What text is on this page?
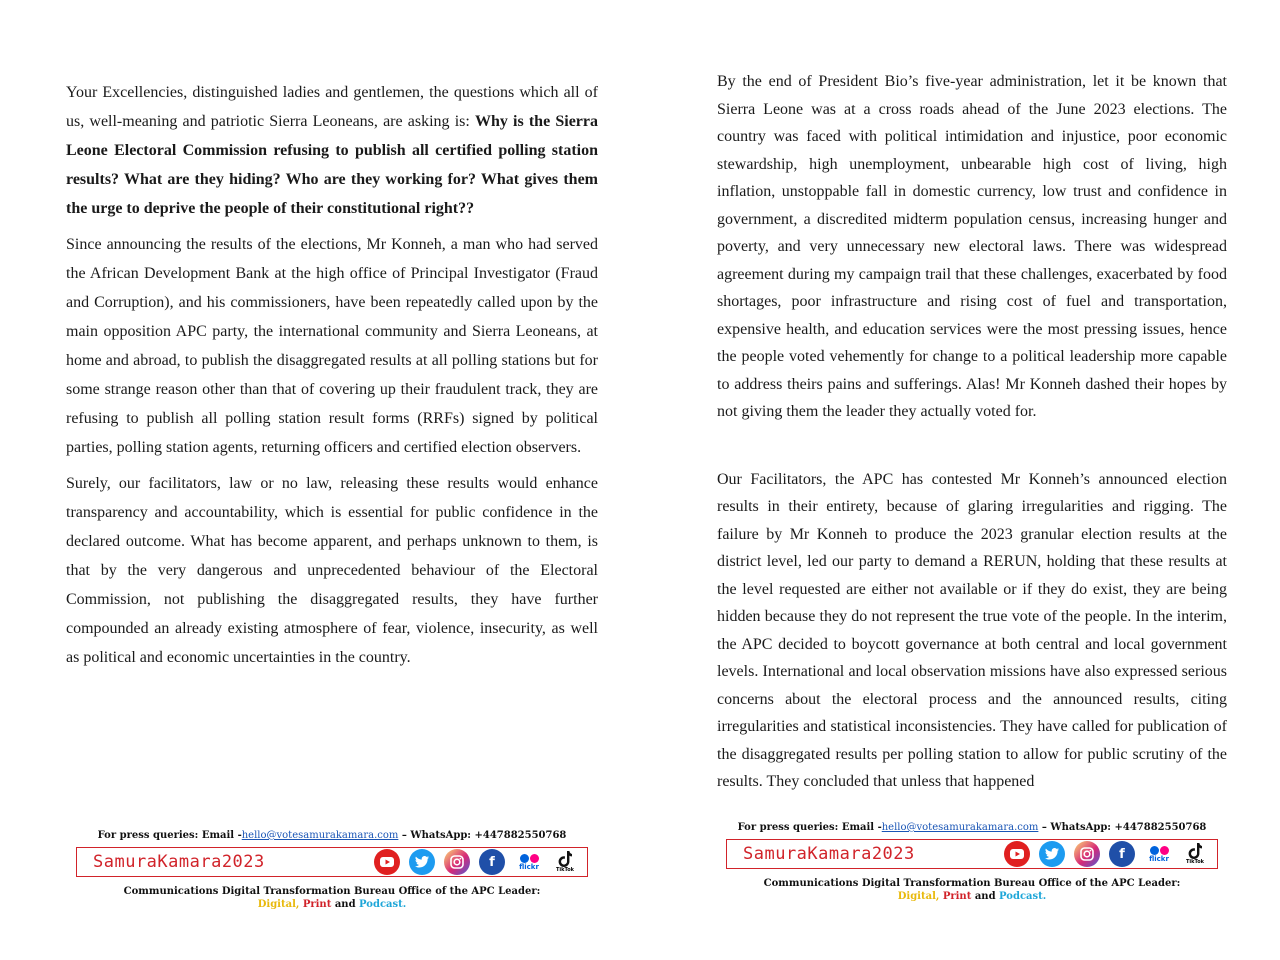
Your Excellencies, distinguished ladies and gentlemen, the questions which all of us, well-meaning and patriotic Sierra Leoneans, are asking is: Why is the Sierra Leone Electoral Commission refusing to publish all certified polling station results? What are they hiding? Who are they working for? What gives them the urge to deprive the people of their constitutional right??

Since announcing the results of the elections, Mr Konneh, a man who had served the African Development Bank at the high office of Principal Investigator (Fraud and Corruption), and his commissioners, have been repeatedly called upon by the main opposition APC party, the international community and Sierra Leoneans, at home and abroad, to publish the disaggregated results at all polling stations but for some strange reason other than that of covering up their fraudulent track, they are refusing to publish all polling station result forms (RRFs) signed by political parties, polling station agents, returning officers and certified election observers.

Surely, our facilitators, law or no law, releasing these results would enhance transparency and accountability, which is essential for public confidence in the declared outcome. What has become apparent, and perhaps unknown to them, is that by the very dangerous and unprecedented behaviour of the Electoral Commission, not publishing the disaggregated results, they have further compounded an already existing atmosphere of fear, violence, insecurity, as well as political and economic uncertainties in the country.

For press queries: Email -hello@votesamurakamara.com – WhatsApp: +447882550768
SamuraKamara2023	f	flickr	TikTok
Communications Digital Transformation Bureau Office of the APC Leader:
Digital, Print and Podcast.

By the end of President Bio’s five-year administration, let it be known that Sierra Leone was at a cross roads ahead of the June 2023 elections. The country was faced with political intimidation and injustice, poor economic stewardship, high unemployment, unbearable high cost of living, high inflation, unstoppable fall in domestic currency, low trust and confidence in government, a discredited midterm population census, increasing hunger and poverty, and very unnecessary new electoral laws. There was widespread agreement during my campaign trail that these challenges, exacerbated by food shortages, poor infrastructure and rising cost of fuel and transportation, expensive health, and education services were the most pressing issues, hence the people voted vehemently for change to a political leadership more capable to address theirs pains and sufferings. Alas! Mr Konneh dashed their hopes by not giving them the leader they actually voted for.

Our Facilitators, the APC has contested Mr Konneh’s announced election results in their entirety, because of glaring irregularities and rigging. The failure by Mr Konneh to produce the 2023 granular election results at the district level, led our party to demand a RERUN, holding that these results at the level requested are either not available or if they do exist, they are being hidden because they do not represent the true vote of the people. In the interim, the APC decided to boycott governance at both central and local government levels. International and local observation missions have also expressed serious concerns about the electoral process and the announced results, citing irregularities and statistical inconsistencies. They have called for publication of the disaggregated results per polling station to allow for public scrutiny of the results. They concluded that unless that happened

For press queries: Email -hello@votesamurakamara.com – WhatsApp: +447882550768
SamuraKamara2023	f	flickr	TikTok
Communications Digital Transformation Bureau Office of the APC Leader:
Digital, Print and Podcast.
